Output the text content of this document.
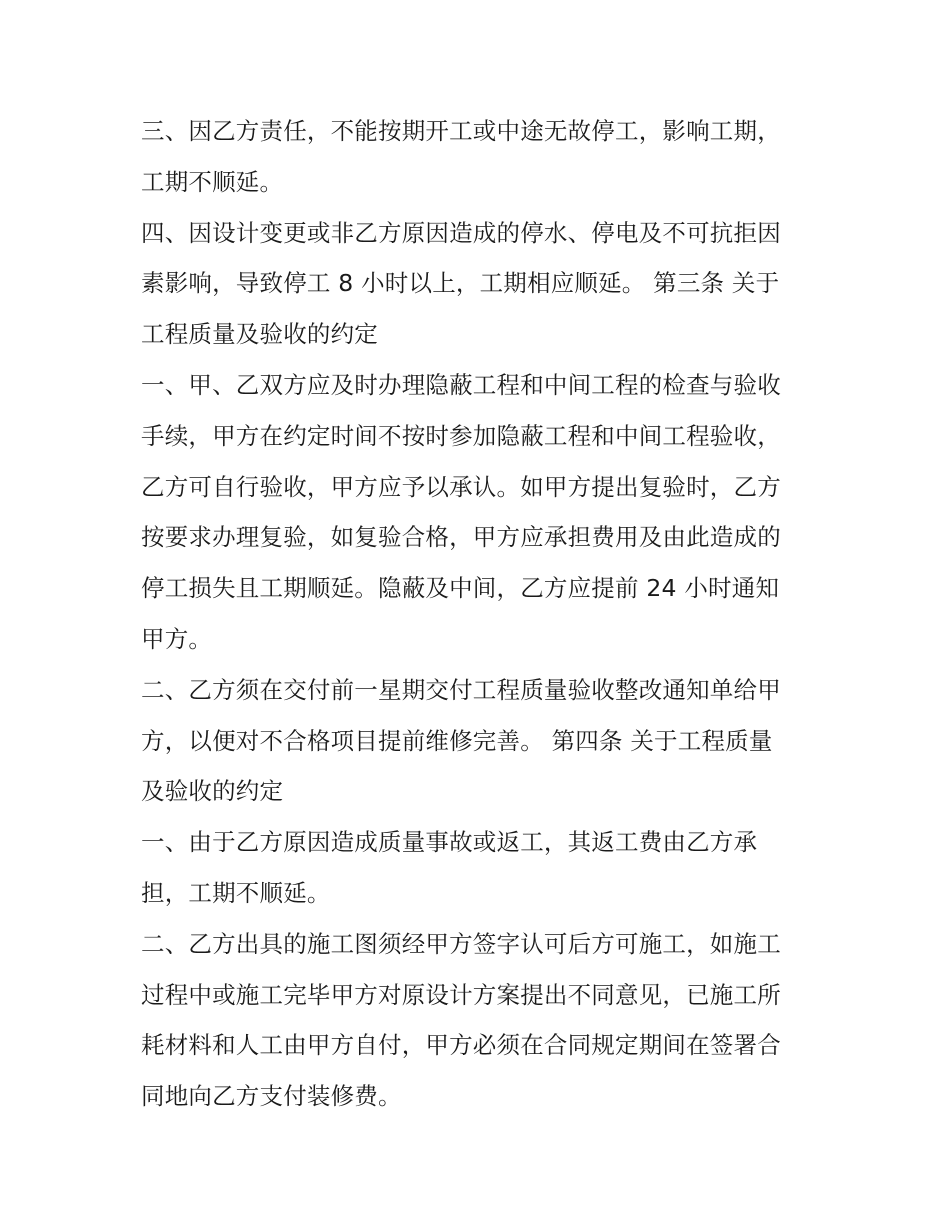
三、因乙方责任，不能按期开工或中途无故停工，影响工期，
工期不顺延。
四、因设计变更或非乙方原因造成的停水、停电及不可抗拒因
素影响，导致停工 8 小时以上，工期相应顺延。 第三条 关于
工程质量及验收的约定
一、甲、乙双方应及时办理隐蔽工程和中间工程的检查与验收
手续，甲方在约定时间不按时参加隐蔽工程和中间工程验收，
乙方可自行验收，甲方应予以承认。如甲方提出复验时，乙方
按要求办理复验，如复验合格，甲方应承担费用及由此造成的
停工损失且工期顺延。隐蔽及中间，乙方应提前 24 小时通知
甲方。
二、乙方须在交付前一星期交付工程质量验收整改通知单给甲
方，以便对不合格项目提前维修完善。 第四条 关于工程质量
及验收的约定
一、由于乙方原因造成质量事故或返工，其返工费由乙方承
担，工期不顺延。
二、乙方出具的施工图须经甲方签字认可后方可施工，如施工
过程中或施工完毕甲方对原设计方案提出不同意见，已施工所
耗材料和人工由甲方自付，甲方必须在合同规定期间在签署合
同地向乙方支付装修费。
